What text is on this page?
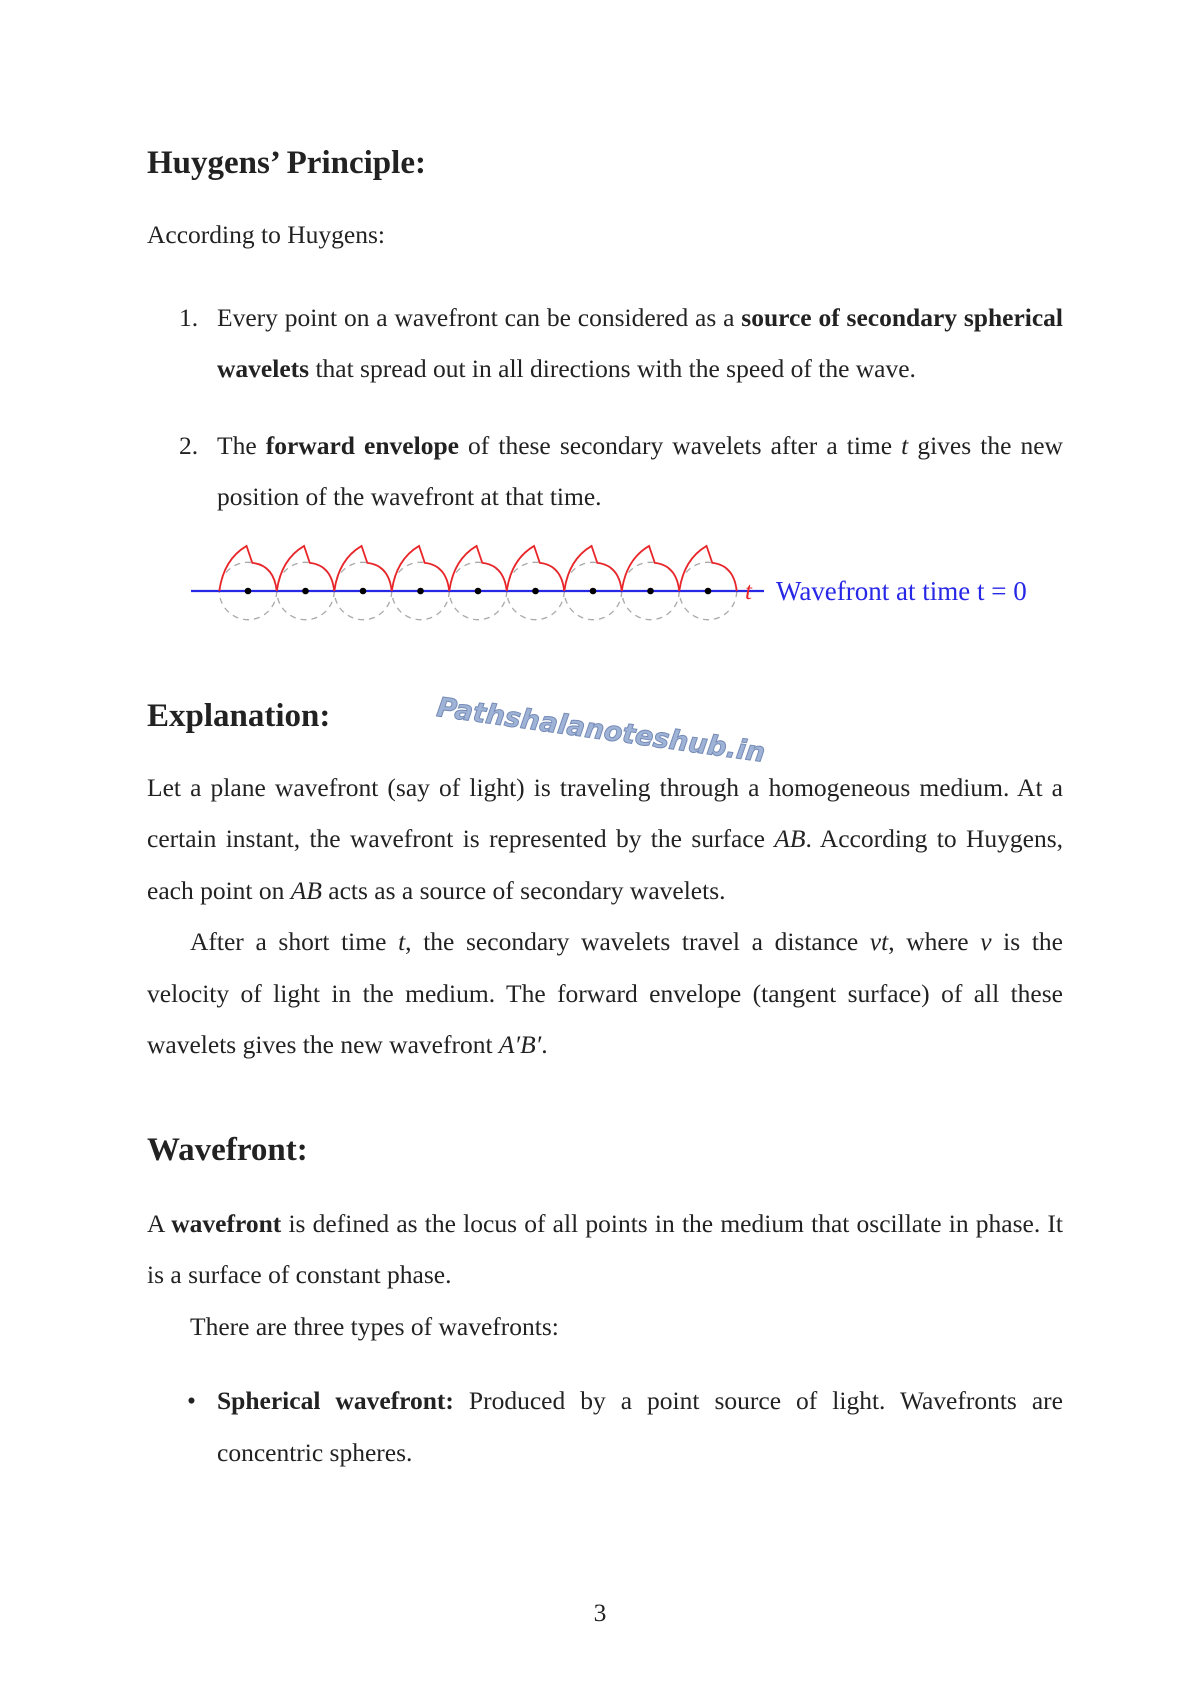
Huygens’ Principle:

According to Huygens:

1. Every point on a wavefront can be considered as a source of secondary spherical wavelets that spread out in all directions with the speed of the wave.
2. The forward envelope of these secondary wavelets after a time t gives the new position of the wavefront at that time.
t Wavefront at time t = 0
Explanation:	Pathshalanoteshub.in

Let a plane wavefront (say of light) is traveling through a homogeneous medium. At a certain instant, the wavefront is represented by the surface AB. According to Huygens, each point on AB acts as a source of secondary wavelets.

After a short time t, the secondary wavelets travel a distance vt, where v is the velocity of light in the medium. The forward envelope (tangent surface) of all these wavelets gives the new wavefront A′B′.

Wavefront:

A wavefront is defined as the locus of all points in the medium that oscillate in phase. It is a surface of constant phase.

There are three types of wavefronts:

• Spherical wavefront: Produced by a point source of light. Wavefronts are concentric spheres.
3
